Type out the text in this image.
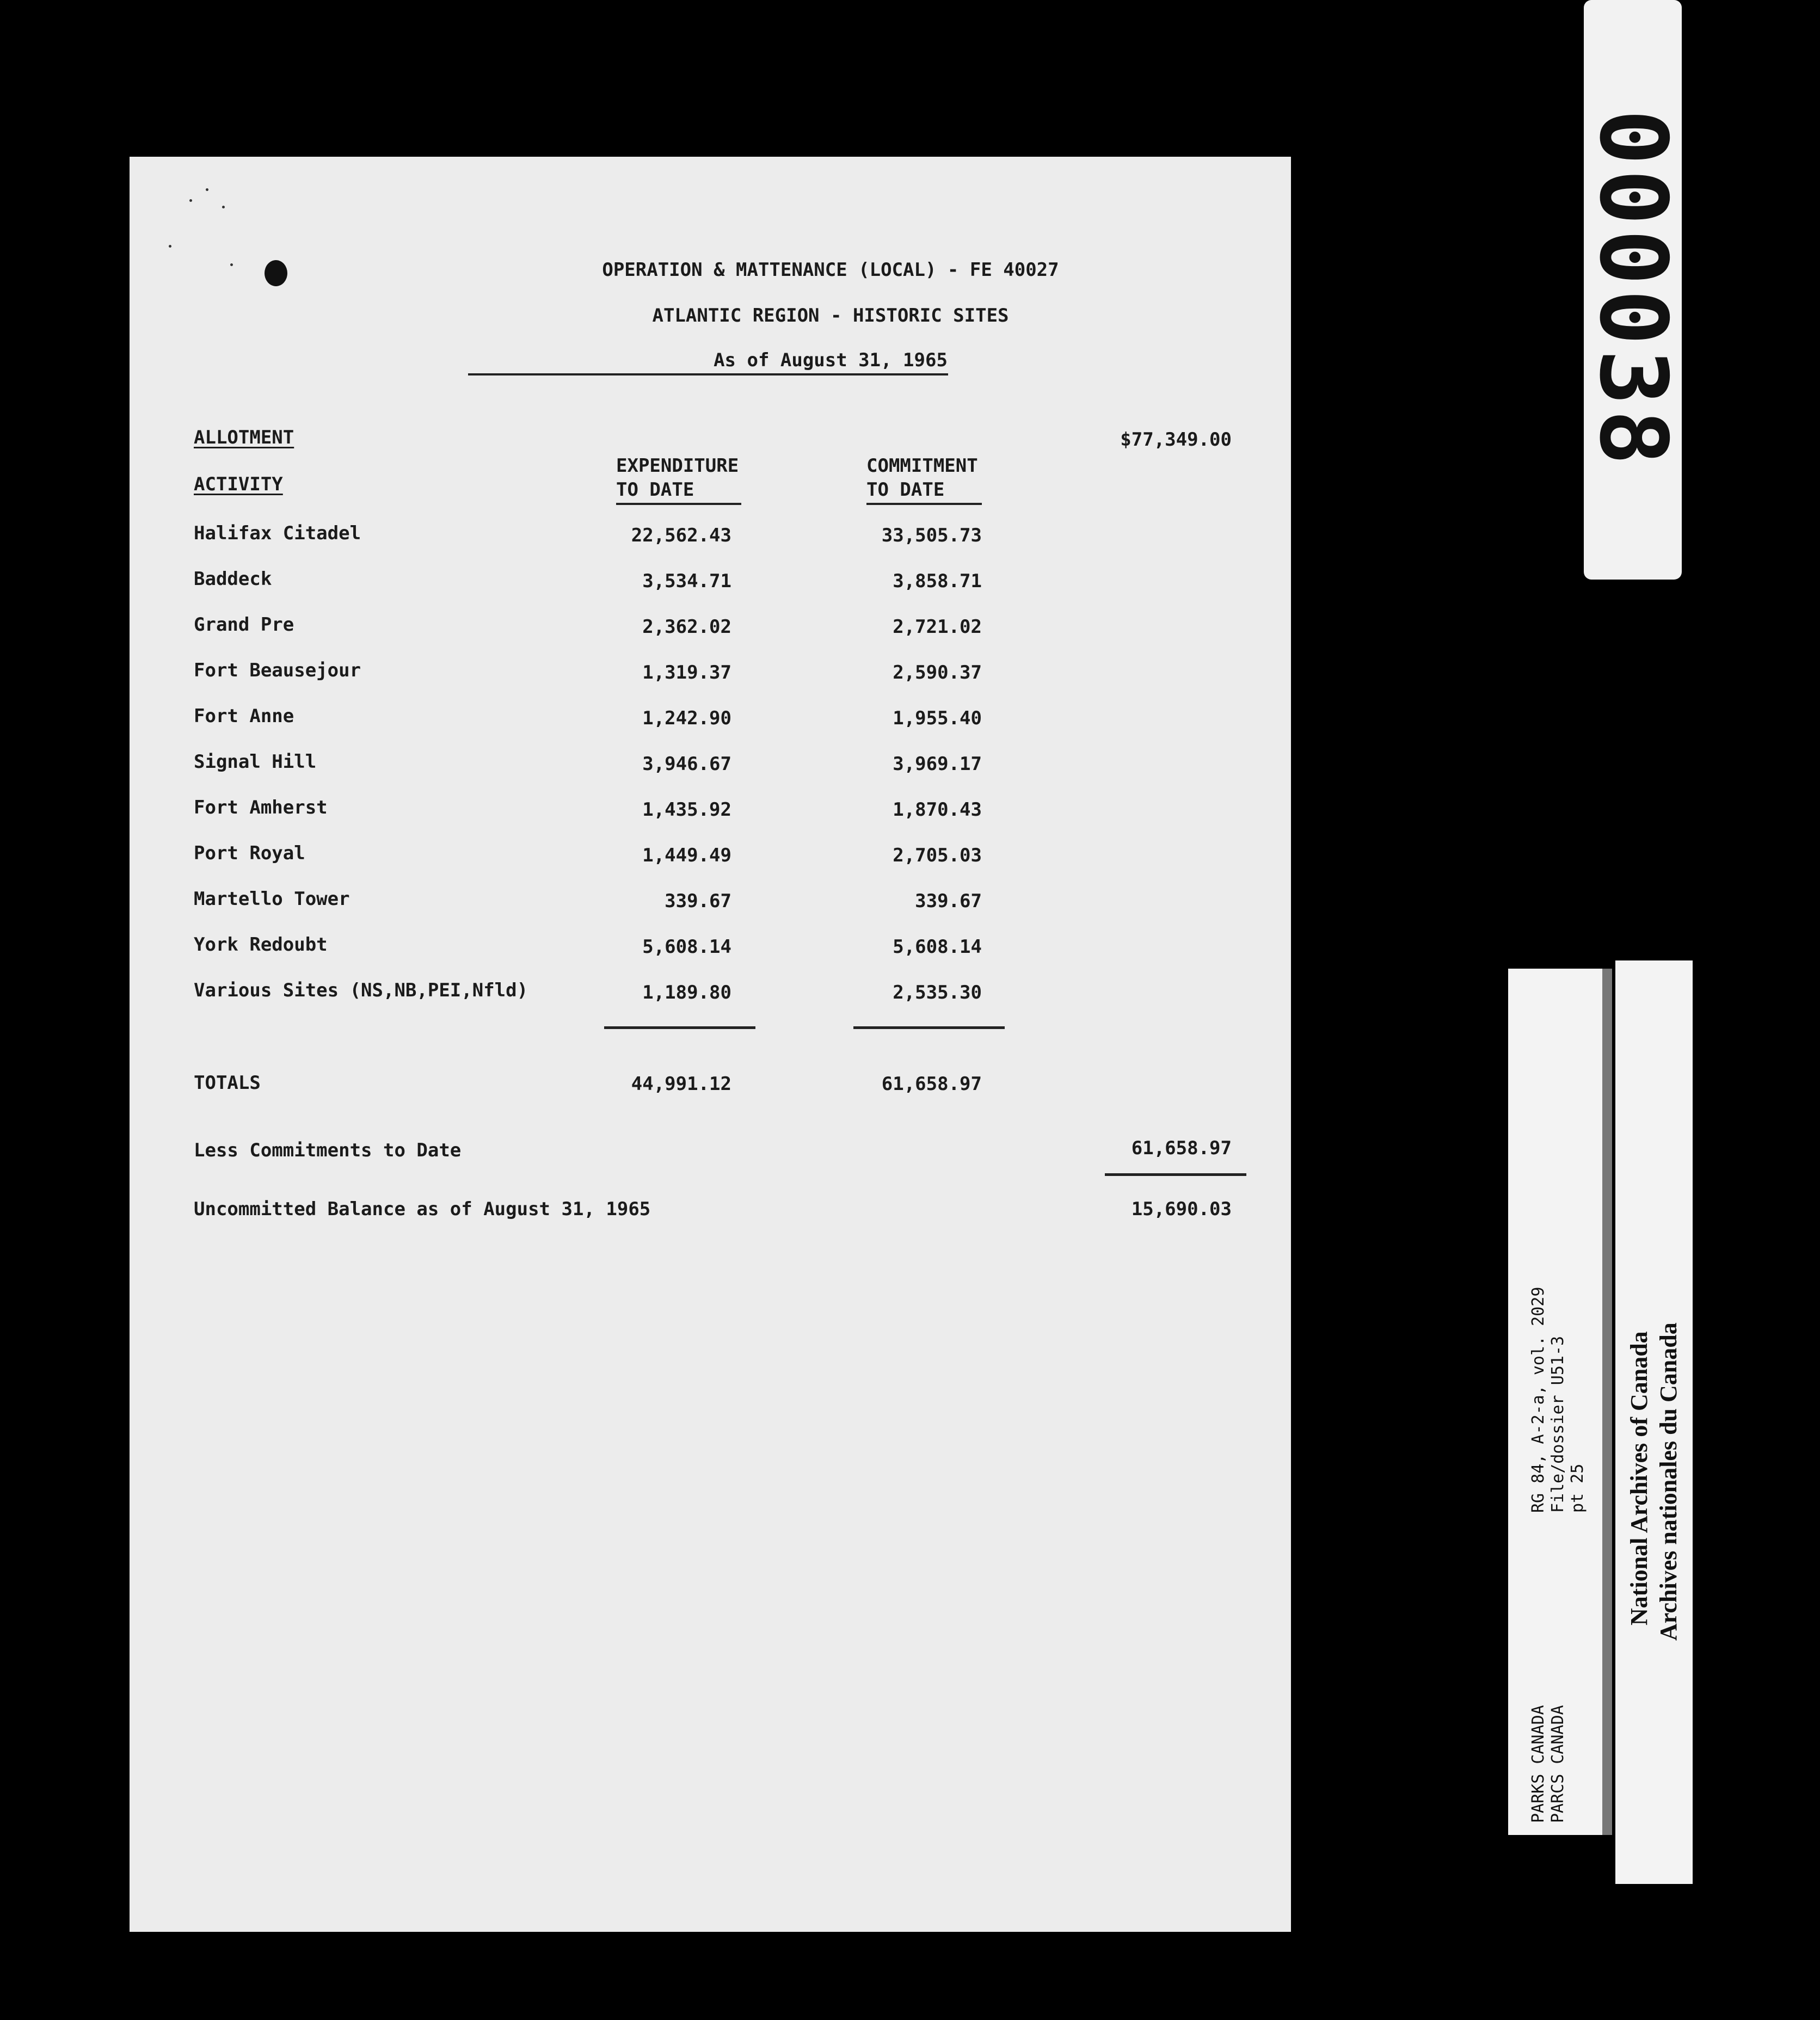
OPERATION & MATTENANCE (LOCAL) - FE 40027
ATLANTIC REGION - HISTORIC SITES
As of August 31, 1965
ALLOTMENT	$77,349.00
EXPENDITURE
TO DATE
COMMITMENT
TO DATE
ACTIVITY
Halifax Citadel	22,562.43	33,505.73
Baddeck	3,534.71	3,858.71
Grand Pre	2,362.02	2,721.02
Fort Beausejour	1,319.37	2,590.37
Fort Anne	1,242.90	1,955.40
Signal Hill	3,946.67	3,969.17
Fort Amherst	1,435.92	1,870.43
Port Royal	1,449.49	2,705.03
Martello Tower	339.67	339.67
York Redoubt	5,608.14	5,608.14
Various Sites (NS,NB,PEI,Nfld)	1,189.80	2,535.30
TOTALS	44,991.12	61,658.97
Less Commitments to Date	61,658.97
Uncommitted Balance as of August 31, 1965	15,690.03
000038
RG 84, A-2-a, vol. 2029 File/dossier U51-3 pt 25
PARKS CANADA PARCS CANADA
National Archives of Canada Archives nationales du Canada
